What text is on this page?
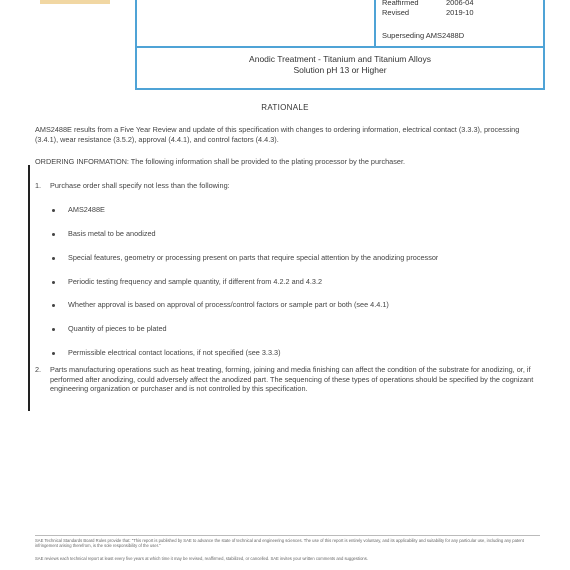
Reaffirmed	2006-04
Revised	2019-10
Superseding AMS2488D
Anodic Treatment - Titanium and Titanium Alloys
Solution pH 13 or Higher
RATIONALE
AMS2488E results from a Five Year Review and update of this specification with changes to ordering information, electrical contact (3.3.3), processing (3.4.1), wear resistance (3.5.2), approval (4.4.1), and control factors (4.4.3).
ORDERING INFORMATION: The following information shall be provided to the plating processor by the purchaser.
1. Purchase order shall specify not less than the following:
AMS2488E
Basis metal to be anodized
Special features, geometry or processing present on parts that require special attention by the anodizing processor
Periodic testing frequency and sample quantity, if different from 4.2.2 and 4.3.2
Whether approval is based on approval of process/control factors or sample part or both (see 4.4.1)
Quantity of pieces to be plated
Permissible electrical contact locations, if not specified (see 3.3.3)
2. Parts manufacturing operations such as heat treating, forming, joining and media finishing can affect the condition of the substrate for anodizing, or, if performed after anodizing, could adversely affect the anodized part. The sequencing of these types of operations should be specified by the cognizant engineering organization or purchaser and is not controlled by this specification.
SAE Technical Standards Board Rules provide that: "This report is published by SAE to advance the state of technical and engineering sciences. The use of this report is entirely voluntary, and its applicability and suitability for any particular use, including any patent infringement arising therefrom, is the sole responsibility of the user."
SAE reviews each technical report at least every five years at which time it may be revised, reaffirmed, stabilized, or cancelled. SAE invites your written comments and suggestions.
